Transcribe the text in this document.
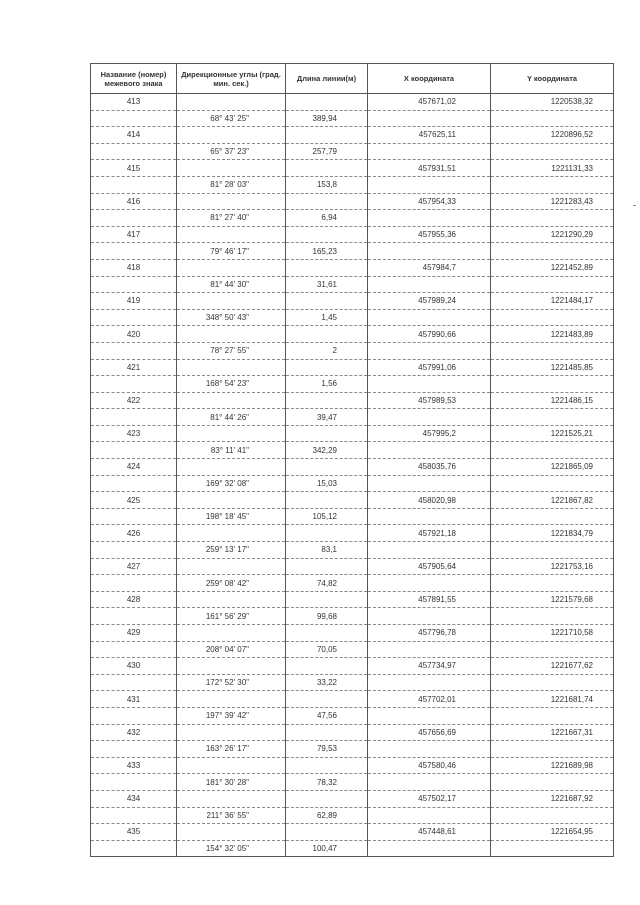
Название (номер) межевого знака	Дирекционные углы (град. мин. сек.)	Длина линии(м)	X координата	Y координата
413			457671,02	1220538,32
	68° 43' 25"	389,94		
414			457625,11	1220896,52
	65° 37' 23"	257,79		
415			457931,51	1221131,33
	81° 28' 03"	153,8		
416			457954,33	1221283,43
	81° 27' 40"	6,94		
417			457955,36	1221290,29
	79° 46' 17"	165,23		
418			457984,7	1221452,89
	81° 44' 30"	31,61		
419			457989,24	1221484,17
	348° 50' 43"	1,45		
420			457990,66	1221483,89
	78° 27' 55"	2		
421			457991,06	1221485,85
	168° 54' 23"	1,56		
422			457989,53	1221486,15
	81° 44' 26"	39,47		
423			457995,2	1221525,21
	83° 11' 41"	342,29		
424			458035,76	1221865,09
	169° 32' 08"	15,03		
425			458020,98	1221867,82
	198° 18' 45"	105,12		
426			457921,18	1221834,79
	259° 13' 17"	83,1		
427			457905,64	1221753,16
	259° 08' 42"	74,82		
428			457891,55	1221579,68
	161° 56' 29"	99,68		
429			457796,78	1221710,58
	208° 04' 07"	70,05		
430			457734,97	1221677,62
	172° 52' 30"	33,22		
431			457702,01	1221681,74
	197° 39' 42"	47,56		
432			457656,69	1221667,31
	163° 26' 17"	79,53		
433			457580,46	1221689,98
	181° 30' 28"	78,32		
434			457502,17	1221687,92
	211° 36' 55"	62,89		
435			457448,61	1221654,95
	154° 32' 05"	100,47		
